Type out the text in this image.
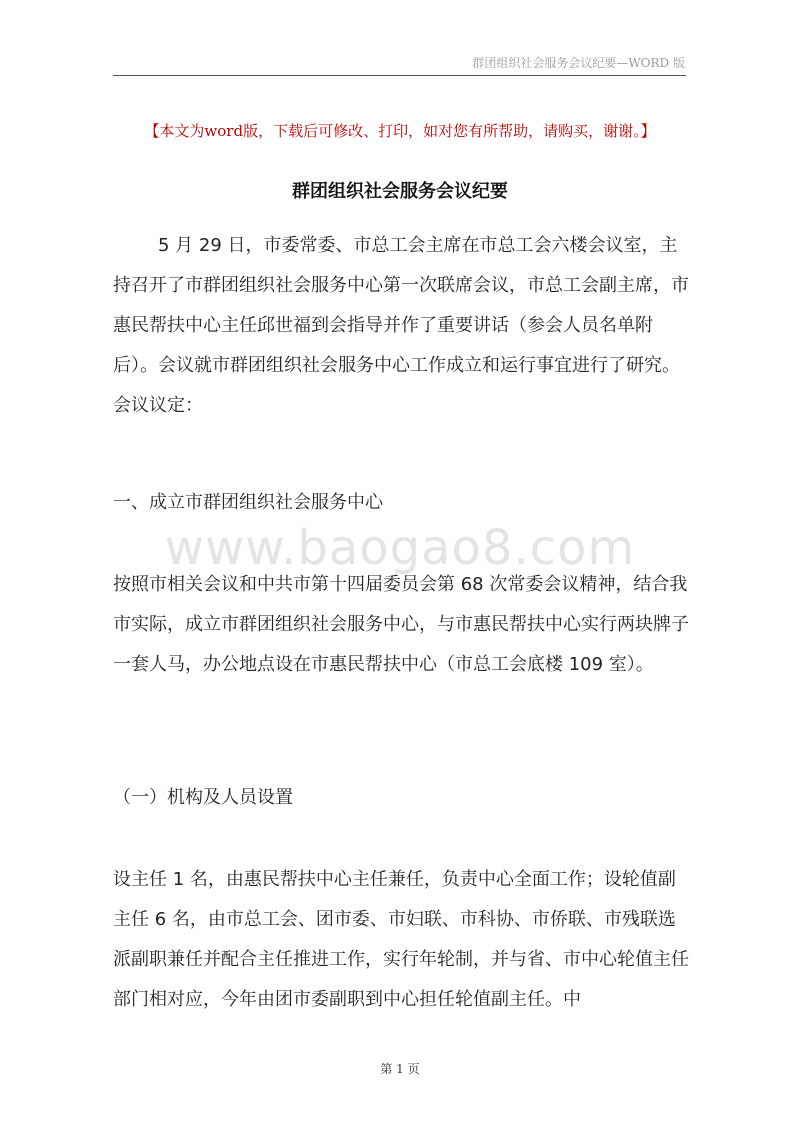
群团组织社会服务会议纪要—WORD 版
【本文为word版，下载后可修改、打印，如对您有所帮助，请购买，谢谢。】
群团组织社会服务会议纪要

5 月 29 日，市委常委、市总工会主席在市总工会六楼会议室，主持召开了市群团组织社会服务中心第一次联席会议，市总工会副主席，市惠民帮扶中心主任邱世福到会指导并作了重要讲话（参会人员名单附后）。会议就市群团组织社会服务中心工作成立和运行事宜进行了研究。会议议定：

一、成立市群团组织社会服务中心

www.baogao8.com

按照市相关会议和中共市第十四届委员会第 68 次常委会议精神，结合我市实际，成立市群团组织社会服务中心，与市惠民帮扶中心实行两块牌子一套人马，办公地点设在市惠民帮扶中心（市总工会底楼 109 室）。

（一）机构及人员设置

设主任 1 名，由惠民帮扶中心主任兼任，负责中心全面工作；设轮值副主任 6 名，由市总工会、团市委、市妇联、市科协、市侨联、市残联选派副职兼任并配合主任推进工作，实行年轮制，并与省、市中心轮值主任部门相对应，今年由团市委副职到中心担任轮值副主任。中

第 1 页
